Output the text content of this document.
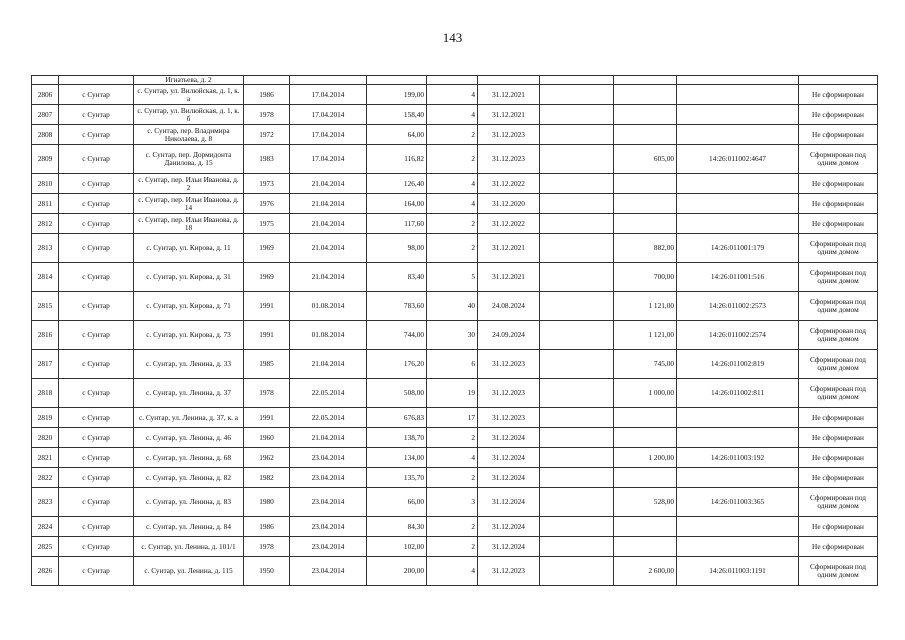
143
		Игнатьева, д. 2									
2806	с Сунтар	с. Сунтар, ул. Вилюйская, д. 1, к. а	1986	17.04.2014	199,00	4	31.12.2021				Не сформирован
2807	с Сунтар	с. Сунтар, ул. Вилюйская, д. 1, к. б	1978	17.04.2014	158,40	4	31.12.2021				Не сформирован
2808	с Сунтар	с. Сунтар, пер. Владимира Николаева, д. 8	1972	17.04.2014	64,00	2	31.12.2023				Не сформирован
2809	с Сунтар	с. Сунтар, пер. Дормидонта Данилова, д. 15	1983	17.04.2014	116,82	2	31.12.2023		605,00	14:26:011002:4647	Сформирован под одним домом
2810	с Сунтар	с. Сунтар, пер. Ильи Иванова, д. 2	1973	21.04.2014	126,40	4	31.12.2022				Не сформирован
2811	с Сунтар	с. Сунтар, пер. Ильи Иванова, д. 14	1976	21.04.2014	164,00	4	31.12.2020				Не сформирован
2812	с Сунтар	с. Сунтар, пер. Ильи Иванова, д. 18	1975	21.04.2014	117,60	2	31.12.2022				Не сформирован
2813	с Сунтар	с. Сунтар, ул. Кирова, д. 11	1969	21.04.2014	98,00	2	31.12.2021		882,00	14:26:011001:179	Сформирован под одним домом
2814	с Сунтар	с. Сунтар, ул. Кирова, д. 31	1969	21.04.2014	83,40	5	31.12.2021		700,00	14:26:011001:516	Сформирован под одним домом
2815	с Сунтар	с. Сунтар, ул. Кирова, д. 71	1991	01.08.2014	783,60	40	24.08.2024		1 121,00	14:26:011002:2573	Сформирован под одним домом
2816	с Сунтар	с. Сунтар, ул. Кирова, д. 73	1991	01.08.2014	744,00	30	24.09.2024		1 121,00	14:26:011002:2574	Сформирован под одним домом
2817	с Сунтар	с. Сунтар, ул. Ленина, д. 33	1985	21.04.2014	176,20	6	31.12.2023		745,00	14:26:011002:819	Сформирован под одним домом
2818	с Сунтар	с. Сунтар, ул. Ленина, д. 37	1978	22.05.2014	508,00	19	31.12.2023		1 000,00	14:26:011002:811	Сформирован под одним домом
2819	с Сунтар	с. Сунтар, ул. Ленина, д. 37, к. а	1991	22.05.2014	676,83	17	31.12.2023				Не сформирован
2820	с Сунтар	с. Сунтар, ул. Ленина, д. 46	1960	21.04.2014	138,70	2	31.12.2024				Не сформирован
2821	с Сунтар	с. Сунтар, ул. Ленина, д. 68	1962	23.04.2014	134,00	4	31.12.2024		1 200,00	14:26:011003:192	Не сформирован
2822	с Сунтар	с. Сунтар, ул. Ленина, д. 82	1982	23.04.2014	135,70	2	31.12.2024				Не сформирован
2823	с Сунтар	с. Сунтар, ул. Ленина, д. 83	1980	23.04.2014	66,00	3	31.12.2024		528,00	14:26:011003:365	Сформирован под одним домом
2824	с Сунтар	с. Сунтар, ул. Ленина, д. 84	1986	23.04.2014	84,30	2	31.12.2024				Не сформирован
2825	с Сунтар	с. Сунтар, ул. Ленина, д. 101/1	1978	23.04.2014	102,00	2	31.12.2024				Не сформирован
2826	с Сунтар	с. Сунтар, ул. Ленина, д. 115	1950	23.04.2014	200,00	4	31.12.2023		2 600,00	14:26:011003:1191	Сформирован под одним домом
